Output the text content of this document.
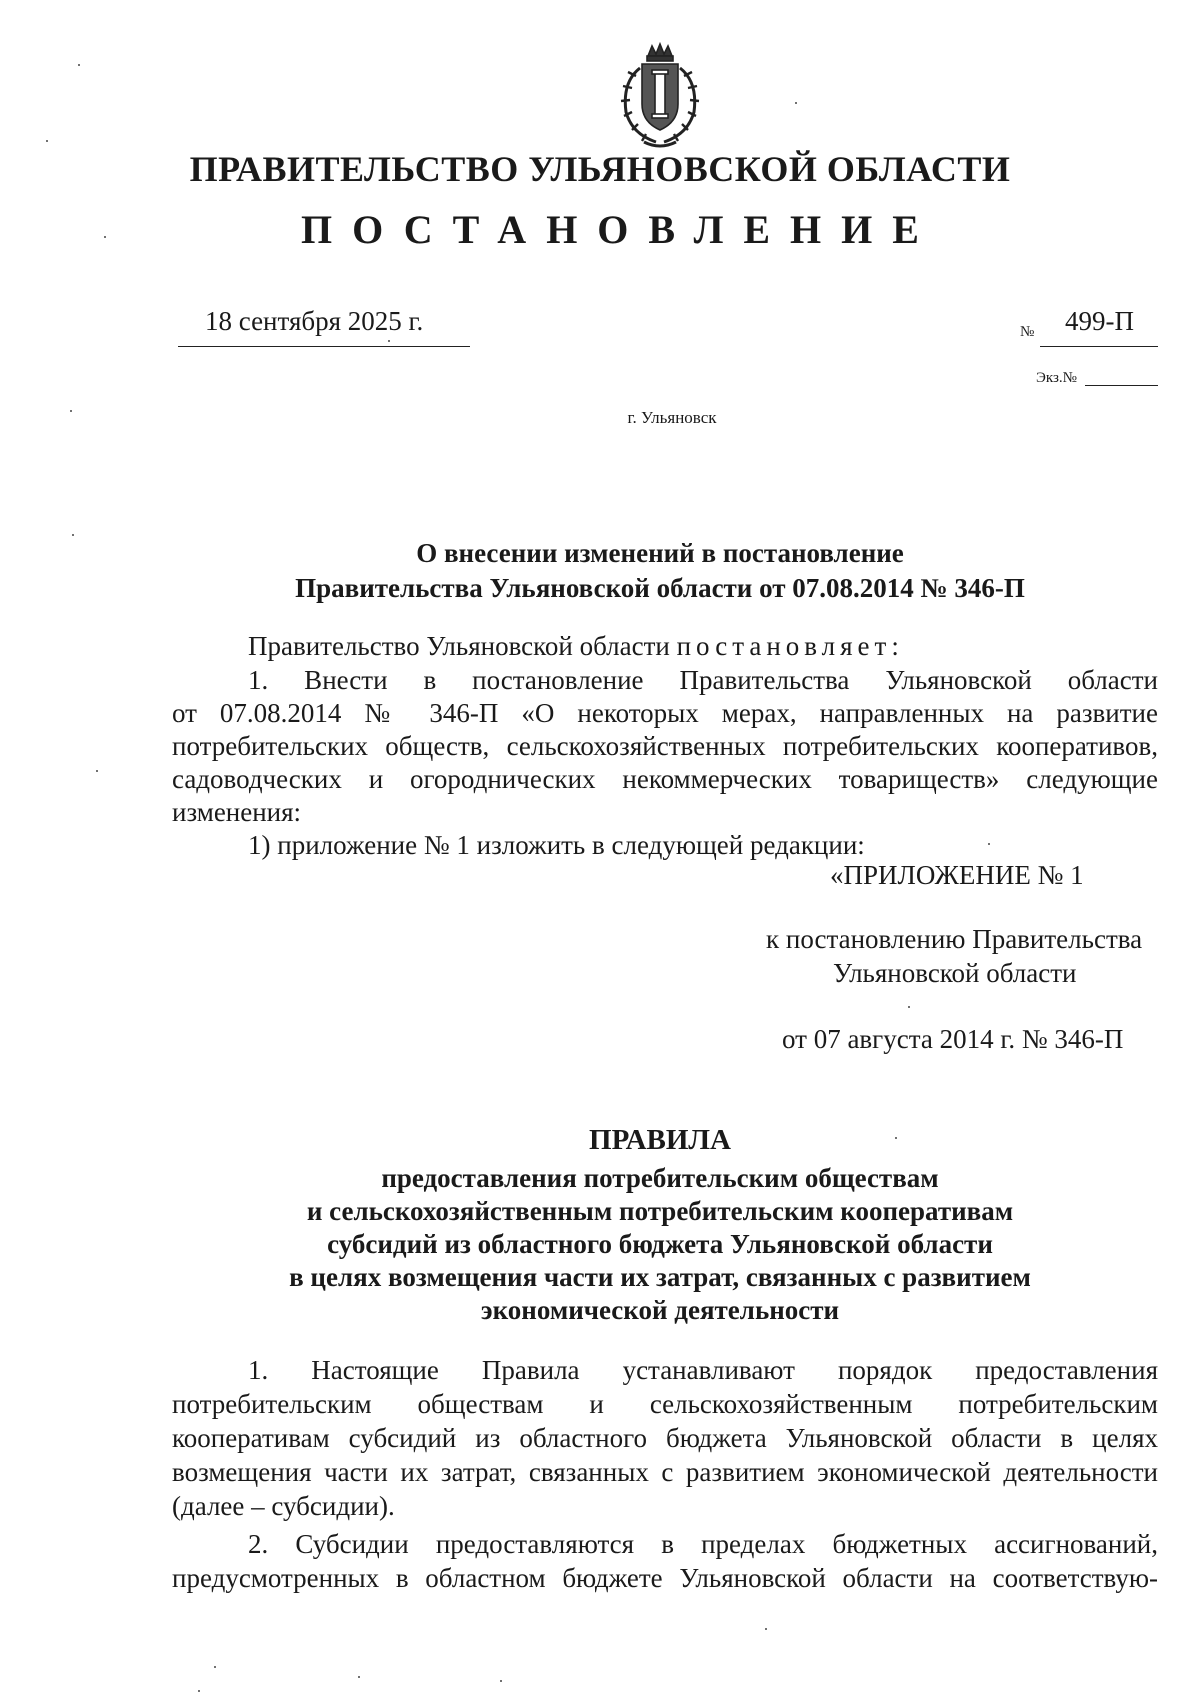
ПРАВИТЕЛЬСТВО УЛЬЯНОВСКОЙ ОБЛАСТИ
ПОСТАНОВЛЕНИЕ
18 сентября 2025 г.	№ 499-П
Экз.№
г. Ульяновск
О внесении изменений в постановление
Правительства Ульяновской области от 07.08.2014 № 346-П
Правительство Ульяновской области постановляет:
1. Внести в постановление Правительства Ульяновской области
от 07.08.2014 № 346-П «О некоторых мерах, направленных на развитие
потребительских обществ, сельскохозяйственных потребительских кооперативов,
садоводческих и огороднических некоммерческих товариществ» следующие
изменения:
1) приложение № 1 изложить в следующей редакции:
«ПРИЛОЖЕНИЕ № 1
к постановлению Правительства
Ульяновской области
от 07 августа 2014 г. № 346-П
ПРАВИЛА
предоставления потребительским обществам
и сельскохозяйственным потребительским кооперативам
субсидий из областного бюджета Ульяновской области
в целях возмещения части их затрат, связанных с развитием
экономической деятельности
1. Настоящие Правила устанавливают порядок предоставления
потребительским обществам и сельскохозяйственным потребительским
кооперативам субсидий из областного бюджета Ульяновской области в целях
возмещения части их затрат, связанных с развитием экономической деятельности
(далее – субсидии).
2. Субсидии предоставляются в пределах бюджетных ассигнований,
предусмотренных в областном бюджете Ульяновской области на соответствую-
